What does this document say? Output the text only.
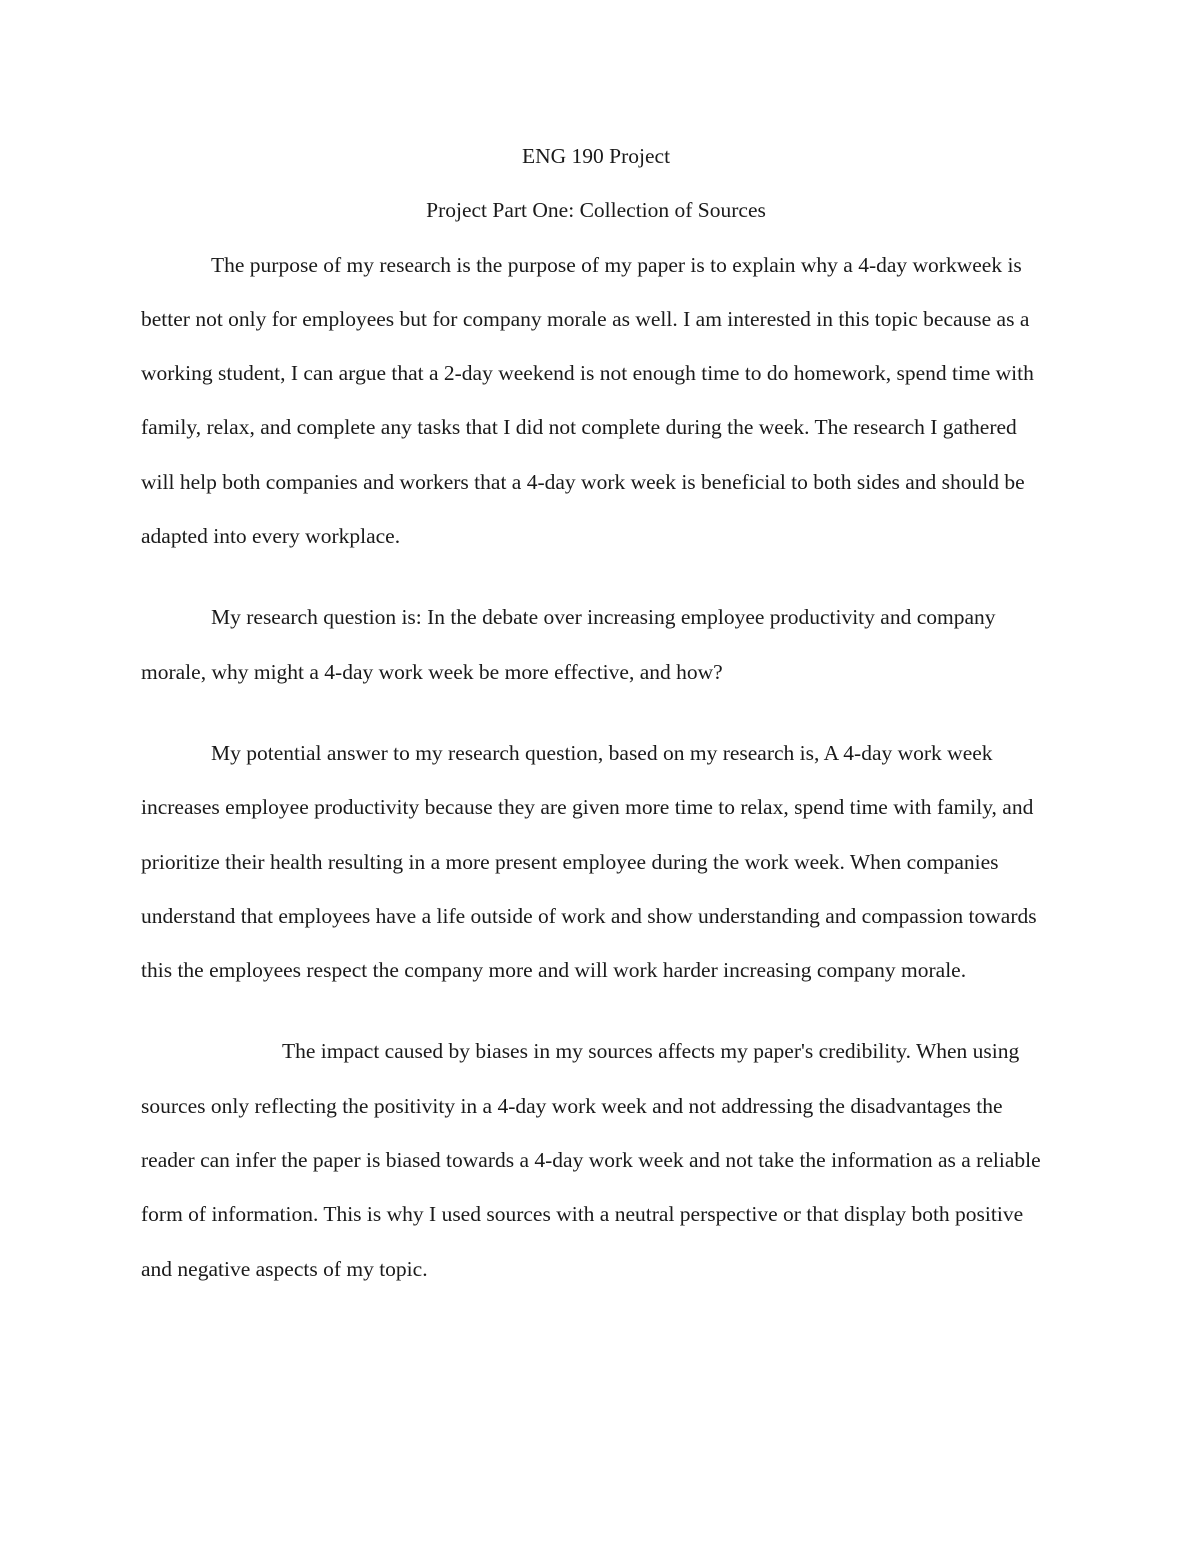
ENG 190 Project

Project Part One: Collection of Sources

The purpose of my research is the purpose of my paper is to explain why a 4-day workweek is better not only for employees but for company morale as well. I am interested in this topic because as a working student, I can argue that a 2-day weekend is not enough time to do homework, spend time with family, relax, and complete any tasks that I did not complete during the week. The research I gathered will help both companies and workers that a 4-day work week is beneficial to both sides and should be adapted into every workplace.

My research question is: In the debate over increasing employee productivity and company morale, why might a 4-day work week be more effective, and how?

My potential answer to my research question, based on my research is, A 4-day work week increases employee productivity because they are given more time to relax, spend time with family, and prioritize their health resulting in a more present employee during the work week. When companies understand that employees have a life outside of work and show understanding and compassion towards this the employees respect the company more and will work harder increasing company morale.

The impact caused by biases in my sources affects my paper's credibility. When using sources only reflecting the positivity in a 4-day work week and not addressing the disadvantages the reader can infer the paper is biased towards a 4-day work week and not take the information as a reliable form of information. This is why I used sources with a neutral perspective or that display both positive and negative aspects of my topic.
